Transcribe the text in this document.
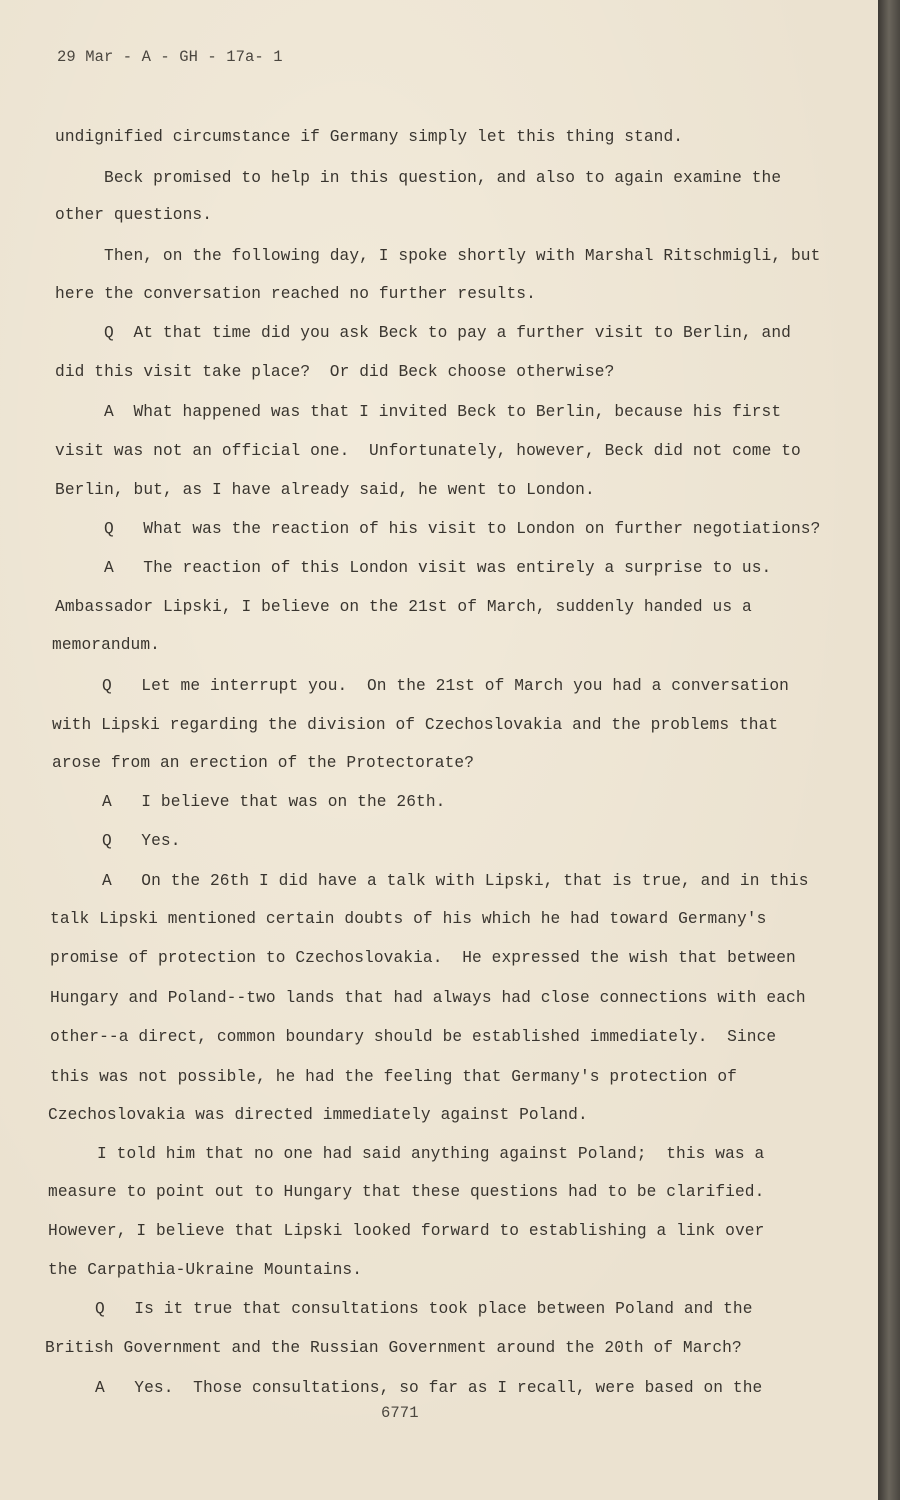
29 Mar - A - GH - 17a- 1
undignified circumstance if Germany simply let this thing stand.
Beck promised to help in this question, and also to again examine the
other questions.
Then, on the following day, I spoke shortly with Marshal Ritschmigli, but
here the conversation reached no further results.
Q  At that time did you ask Beck to pay a further visit to Berlin, and
did this visit take place?  Or did Beck choose otherwise?
A  What happened was that I invited Beck to Berlin, because his first
visit was not an official one.  Unfortunately, however, Beck did not come to
Berlin, but, as I have already said, he went to London.
Q   What was the reaction of his visit to London on further negotiations?
A   The reaction of this London visit was entirely a surprise to us.
Ambassador Lipski, I believe on the 21st of March, suddenly handed us a
memorandum.
Q   Let me interrupt you.  On the 21st of March you had a conversation
with Lipski regarding the division of Czechoslovakia and the problems that
arose from an erection of the Protectorate?
A   I believe that was on the 26th.
Q   Yes.
A   On the 26th I did have a talk with Lipski, that is true, and in this
talk Lipski mentioned certain doubts of his which he had toward Germany's
promise of protection to Czechoslovakia.  He expressed the wish that between
Hungary and Poland--two lands that had always had close connections with each
other--a direct, common boundary should be established immediately.  Since
this was not possible, he had the feeling that Germany's protection of
Czechoslovakia was directed immediately against Poland.
I told him that no one had said anything against Poland;  this was a
measure to point out to Hungary that these questions had to be clarified.
However, I believe that Lipski looked forward to establishing a link over
the Carpathia-Ukraine Mountains.
Q   Is it true that consultations took place between Poland and the
British Government and the Russian Government around the 20th of March?
A   Yes.  Those consultations, so far as I recall, were based on the
6771
